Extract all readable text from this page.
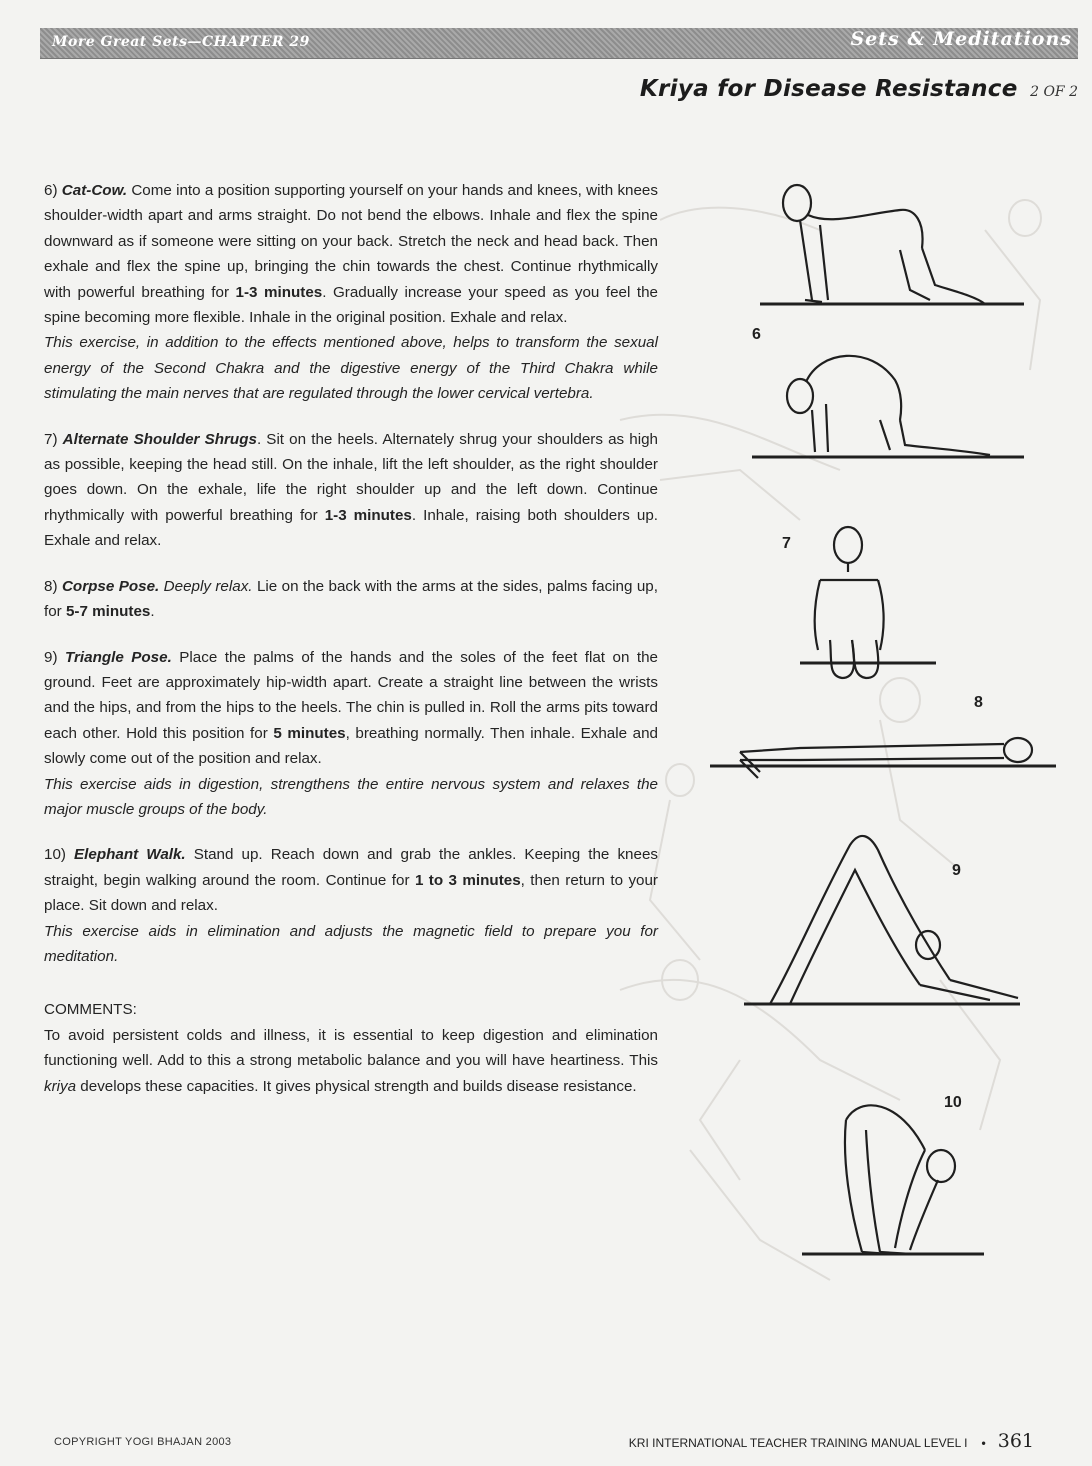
More Great Sets—CHAPTER 29	Sets & Meditations
Kriya for Disease Resistance 2 OF 2

6) Cat-Cow. Come into a position supporting yourself on your hands and knees, with knees shoulder-width apart and arms straight. Do not bend the elbows. Inhale and flex the spine downward as if someone were sitting on your back. Stretch the neck and head back. Then exhale and flex the spine up, bringing the chin towards the chest. Continue rhythmically with powerful breathing for 1-3 minutes. Gradually increase your speed as you feel the spine becoming more flexible. Inhale in the original position. Exhale and relax.

This exercise, in addition to the effects mentioned above, helps to transform the sexual energy of the Second Chakra and the digestive energy of the Third Chakra while stimulating the main nerves that are regulated through the lower cervical vertebra.

7) Alternate Shoulder Shrugs. Sit on the heels. Alternately shrug your shoulders as high as possible, keeping the head still. On the inhale, lift the left shoulder, as the right shoulder goes down. On the exhale, life the right shoulder up and the left down. Continue rhythmically with powerful breathing for 1-3 minutes. Inhale, raising both shoulders up. Exhale and relax.

8) Corpse Pose. Deeply relax. Lie on the back with the arms at the sides, palms facing up, for 5-7 minutes.

9) Triangle Pose. Place the palms of the hands and the soles of the feet flat on the ground. Feet are approximately hip-width apart. Create a straight line between the wrists and the hips, and from the hips to the heels. The chin is pulled in. Roll the arms pits toward each other. Hold this position for 5 minutes, breathing normally. Then inhale. Exhale and slowly come out of the position and relax.

This exercise aids in digestion, strengthens the entire nervous system and relaxes the major muscle groups of the body.

10) Elephant Walk. Stand up. Reach down and grab the ankles. Keeping the knees straight, begin walking around the room. Continue for 1 to 3 minutes, then return to your place. Sit down and relax.

This exercise aids in elimination and adjusts the magnetic field to prepare you for meditation.

COMMENTS:

To avoid persistent colds and illness, it is essential to keep digestion and elimination functioning well. Add to this a strong metabolic balance and you will have heartiness. This kriya develops these capacities. It gives physical strength and builds disease resistance.

6
7
8
9
10
COPYRIGHT YOGI BHAJAN 2003	KRI INTERNATIONAL TEACHER TRAINING MANUAL LEVEL I • 361
